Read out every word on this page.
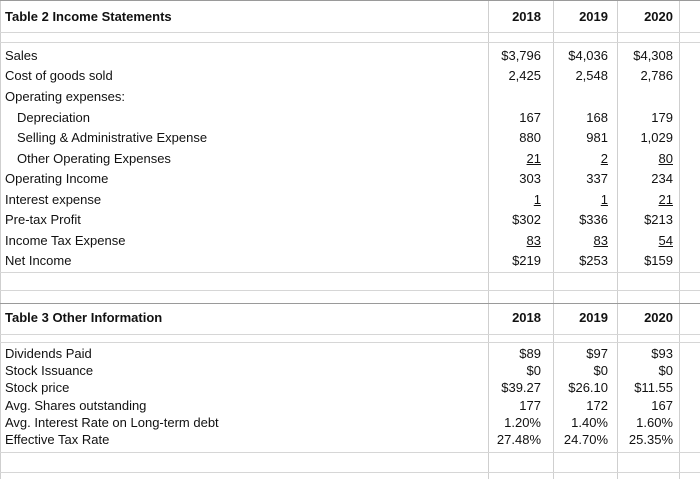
Table 2 Income Statements	2018	2019	2020
Sales	$3,796	$4,036	$4,308
Cost of goods sold	2,425	2,548	2,786
Operating expenses:
Depreciation	167	168	179
Selling & Administrative Expense	880	981	1,029
Other Operating Expenses	21	2	80
Operating Income	303	337	234
Interest expense	1	1	21
Pre-tax Profit	$302	$336	$213
Income Tax Expense	83	83	54
Net Income	$219	$253	$159
Table 3 Other Information	2018	2019	2020
Dividends Paid	$89	$97	$93
Stock Issuance	$0	$0	$0
Stock price	$39.27	$26.10	$11.55
Avg. Shares outstanding	177	172	167
Avg. Interest Rate on Long-term debt	1.20%	1.40%	1.60%
Effective Tax Rate	27.48%	24.70%	25.35%
